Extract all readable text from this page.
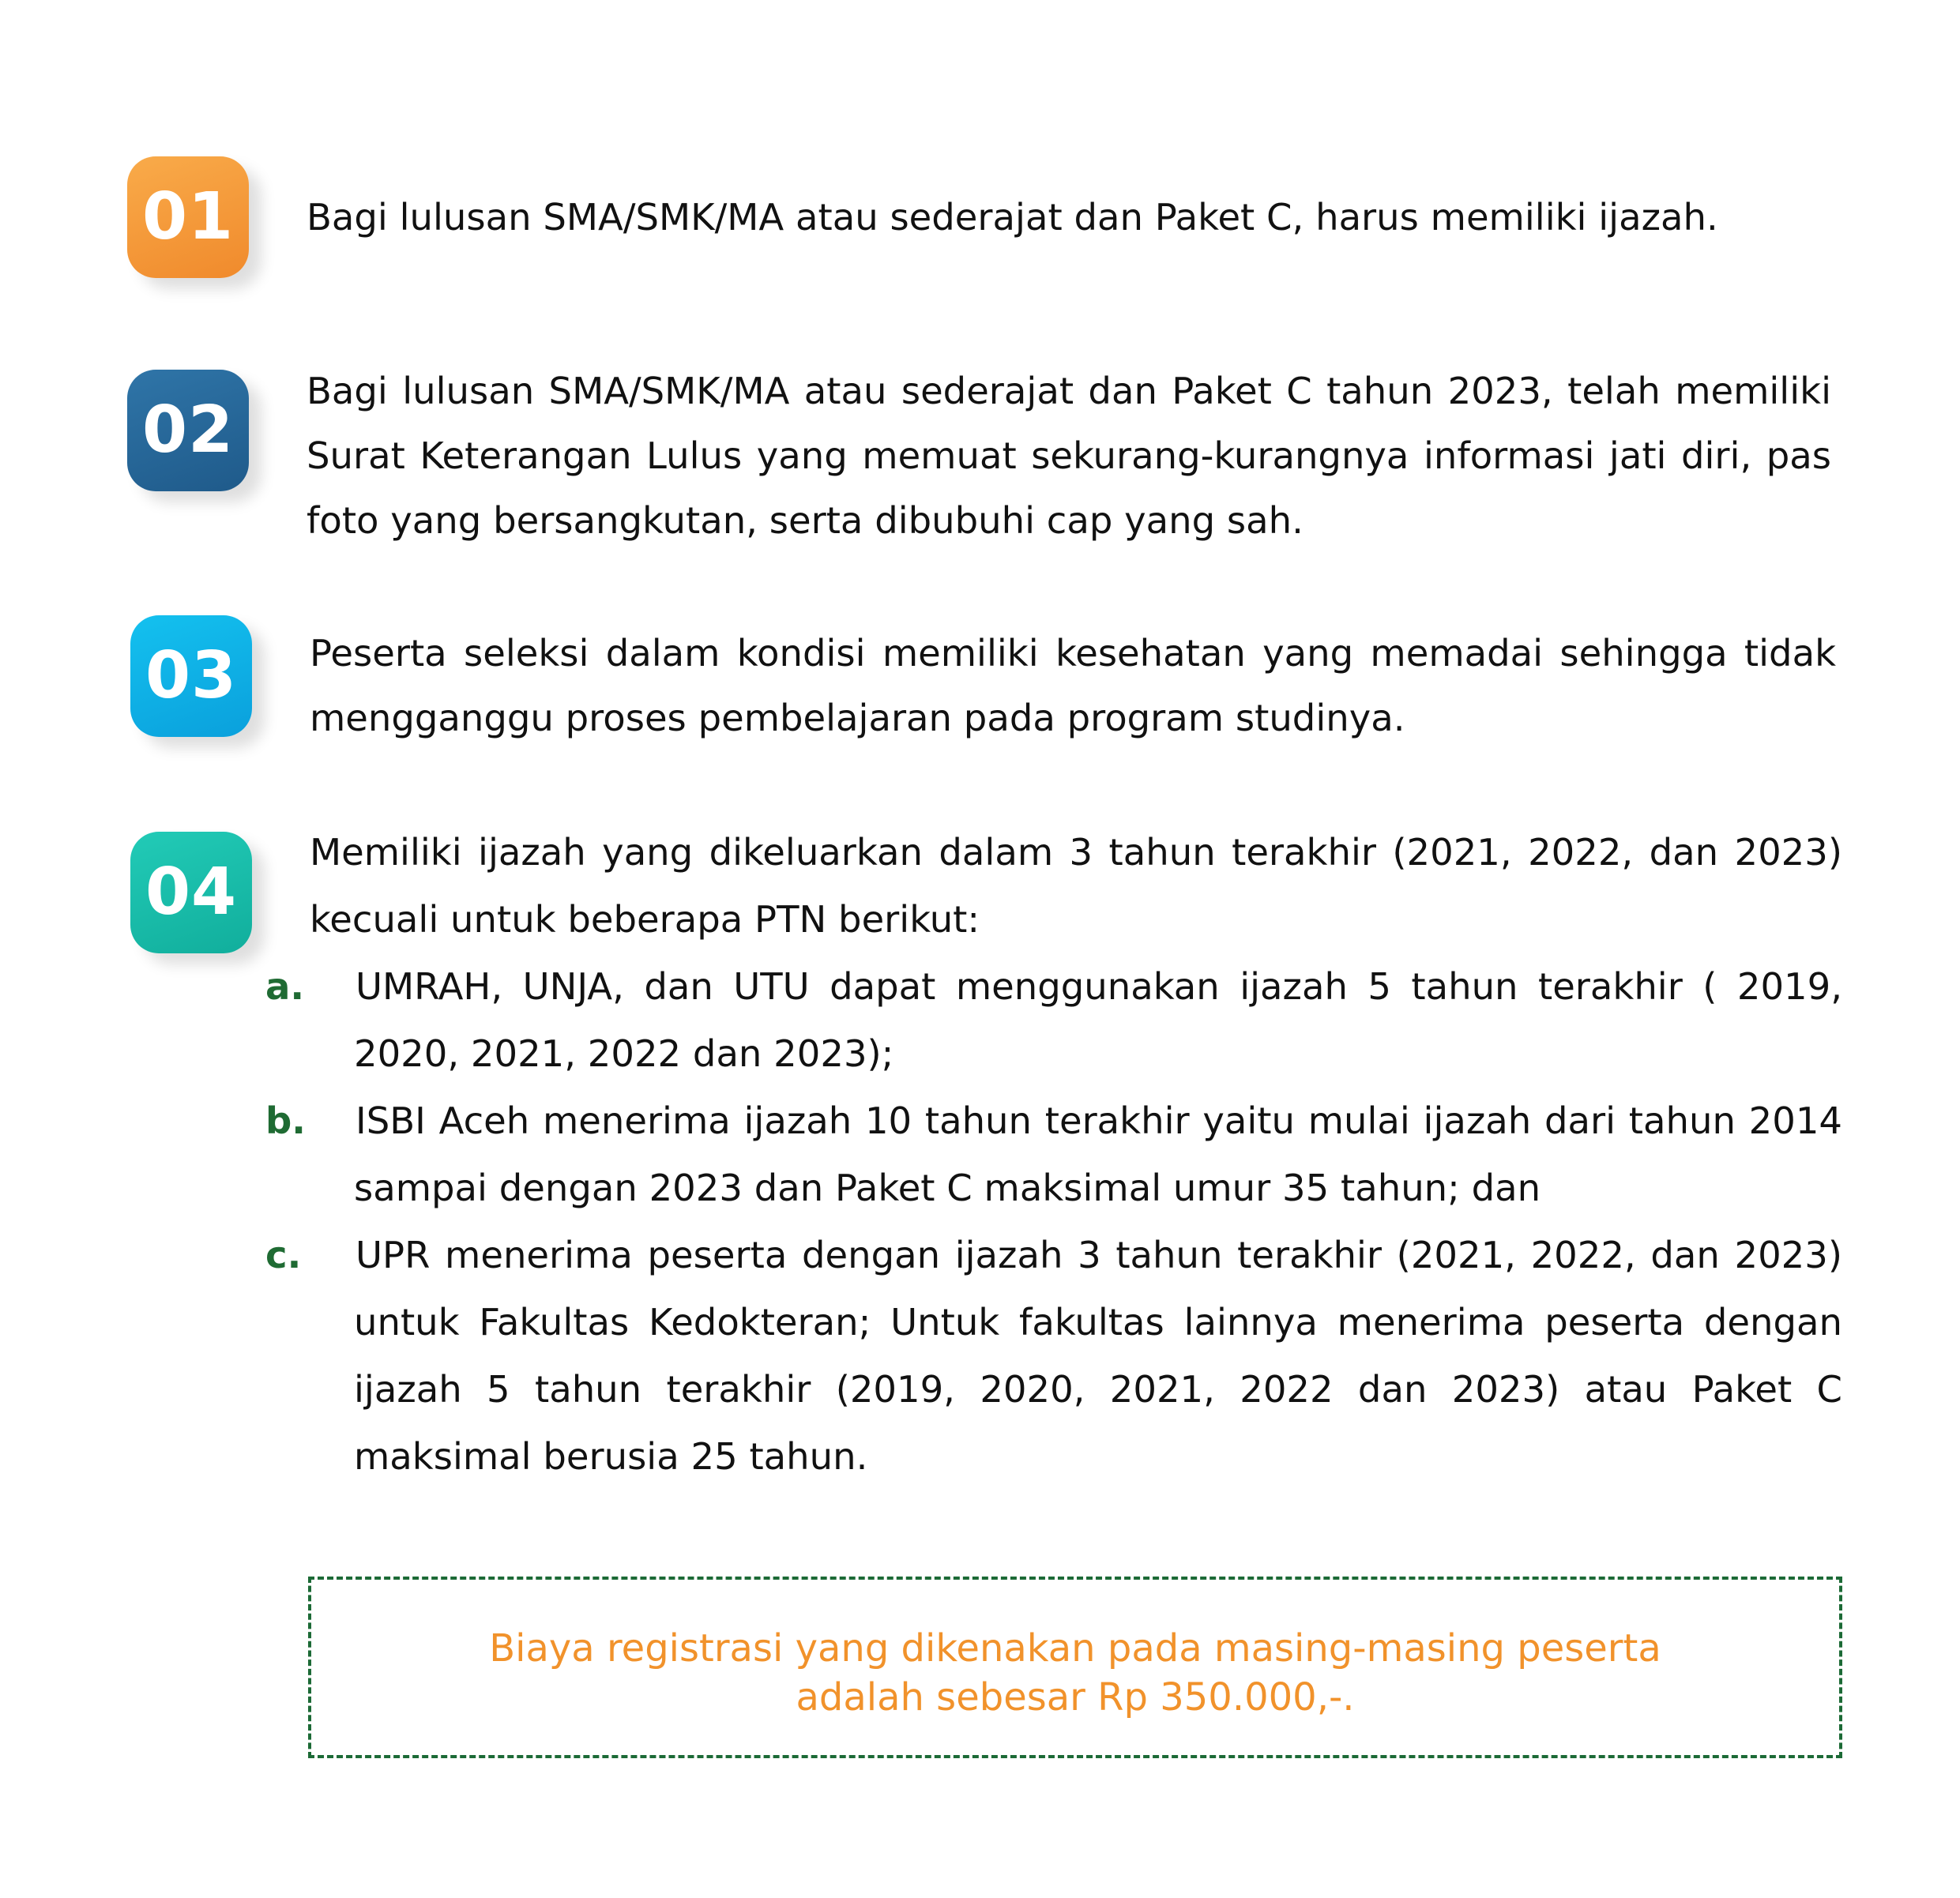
01	Bagi lulusan SMA/SMK/MA atau sederajat dan Paket C, harus memiliki ijazah.
02
Bagi lulusan SMA/SMK/MA atau sederajat dan Paket C tahun 2023, telah memiliki Surat Keterangan Lulus yang memuat sekurang-kurangnya informasi jati diri, pas foto yang bersangkutan, serta dibubuhi cap yang sah.
03	Peserta seleksi dalam kondisi memiliki kesehatan yang memadai sehingga tidak mengganggu proses pembelajaran pada program studinya.
04
Memiliki ijazah yang dikeluarkan dalam 3 tahun terakhir (2021, 2022, dan 2023) kecuali untuk beberapa PTN berikut:
a. UMRAH, UNJA, dan UTU dapat menggunakan ijazah 5 tahun terakhir ( 2019, 2020, 2021, 2022 dan 2023);
b. ISBI Aceh menerima ijazah 10 tahun terakhir yaitu mulai ijazah dari tahun 2014 sampai dengan 2023 dan Paket C maksimal umur 35 tahun; dan
c. UPR menerima peserta dengan ijazah 3 tahun terakhir (2021, 2022, dan 2023) untuk Fakultas Kedokteran; Untuk fakultas lainnya menerima peserta dengan ijazah 5 tahun terakhir (2019, 2020, 2021, 2022 dan 2023) atau Paket C maksimal berusia 25 tahun.
Biaya registrasi yang dikenakan pada masing-masing peserta
adalah sebesar Rp 350.000,-.
